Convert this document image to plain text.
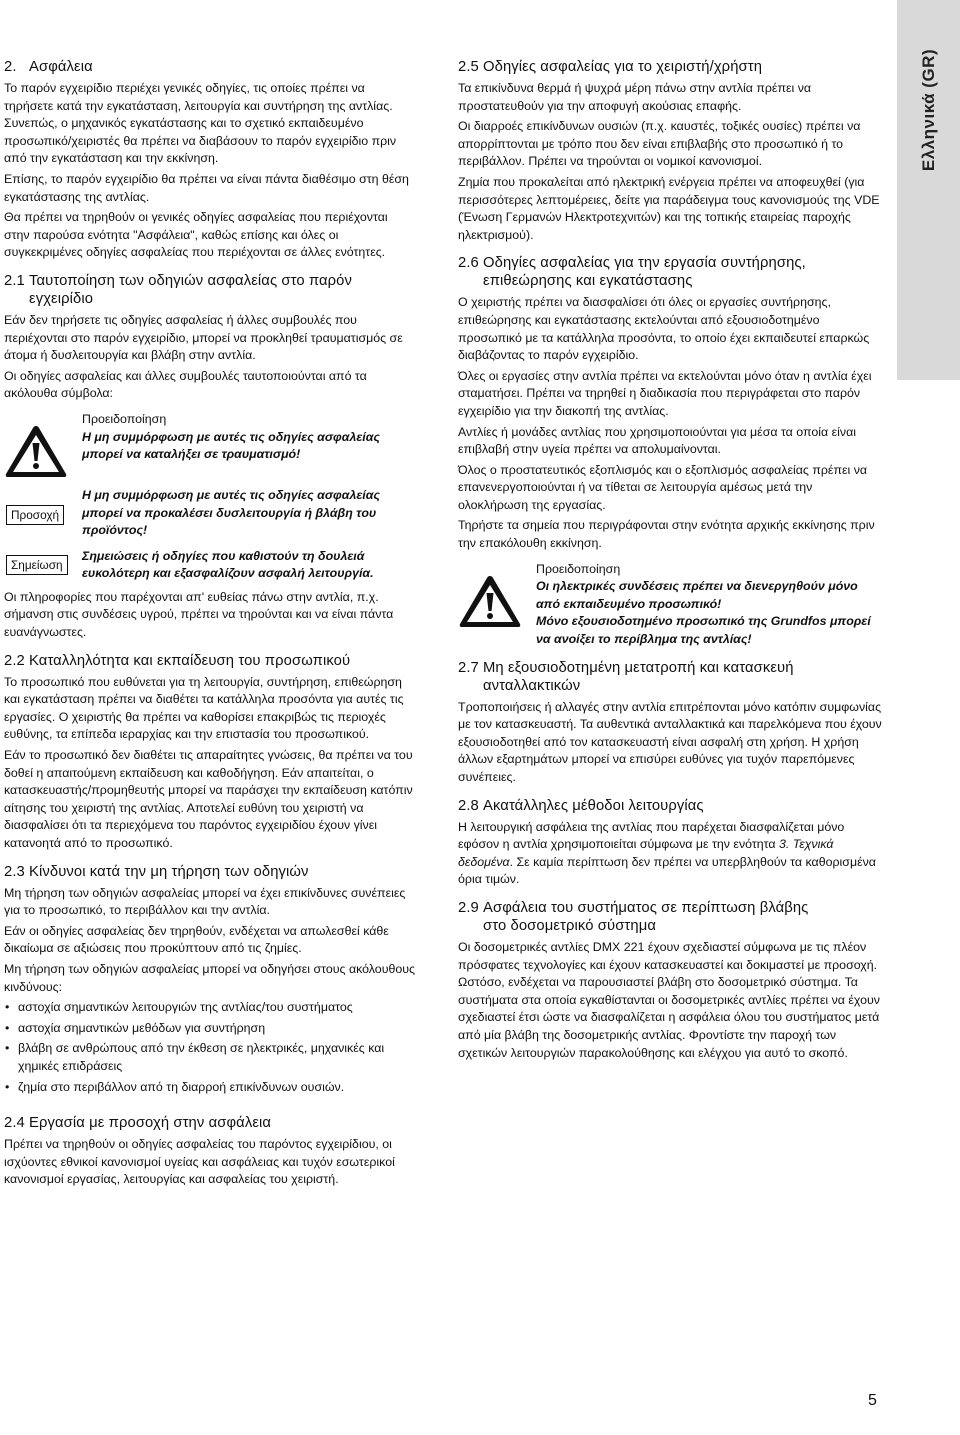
Ελληνικά (GR)
2. Ασφάλεια

Το παρόν εγχειρίδιο περιέχει γενικές οδηγίες, τις οποίες πρέπει να τηρήσετε κατά την εγκατάσταση, λειτουργία και συντήρηση της αντλίας. Συνεπώς, ο μηχανικός εγκατάστασης και το σχετικό εκπαιδευμένο προσωπικό/χειριστές θα πρέπει να διαβάσουν το παρόν εγχειρίδιο πριν από την εγκατάσταση και την εκκίνηση.

Επίσης, το παρόν εγχειρίδιο θα πρέπει να είναι πάντα διαθέσιμο στη θέση εγκατάστασης της αντλίας.

Θα πρέπει να τηρηθούν οι γενικές οδηγίες ασφαλείας που περιέχονται στην παρούσα ενότητα "Ασφάλεια", καθώς επίσης και όλες οι συγκεκριμένες οδηγίες ασφαλείας που περιέχονται σε άλλες ενότητες.

2.1 Ταυτοποίηση των οδηγιών ασφαλείας στο παρόν
εγχειρίδιο

Εάν δεν τηρήσετε τις οδηγίες ασφαλείας ή άλλες συμβουλές που περιέχονται στο παρόν εγχειρίδιο, μπορεί να προκληθεί τραυματισμός σε άτομα ή δυσλειτουργία και βλάβη στην αντλία.

Οι οδηγίες ασφαλείας και άλλες συμβουλές ταυτοποιούνται από τα ακόλουθα σύμβολα:

Προειδοποίηση
Η μη συμμόρφωση με αυτές τις οδηγίες ασφαλείας μπορεί να καταλήξει σε τραυματισμό!
Προσοχή
Η μη συμμόρφωση με αυτές τις οδηγίες ασφαλείας μπορεί να προκαλέσει δυσλειτουργία ή βλάβη του προϊόντος!
Σημείωση
Σημειώσεις ή οδηγίες που καθιστούν τη δουλειά ευκολότερη και εξασφαλίζουν ασφαλή λειτουργία.

Οι πληροφορίες που παρέχονται απ' ευθείας πάνω στην αντλία, π.χ. σήμανση στις συνδέσεις υγρού, πρέπει να τηρούνται και να είναι πάντα ευανάγνωστες.

2.2 Καταλληλότητα και εκπαίδευση του προσωπικού

Το προσωπικό που ευθύνεται για τη λειτουργία, συντήρηση, επιθεώρηση και εγκατάσταση πρέπει να διαθέτει τα κατάλληλα προσόντα για αυτές τις εργασίες. Ο χειριστής θα πρέπει να καθορίσει επακριβώς τις περιοχές ευθύνης, τα επίπεδα ιεραρχίας και την επιστασία του προσωπικού.

Εάν το προσωπικό δεν διαθέτει τις απαραίτητες γνώσεις, θα πρέπει να του δοθεί η απαιτούμενη εκπαίδευση και καθοδήγηση. Εάν απαιτείται, ο κατασκευαστής/προμηθευτής μπορεί να παράσχει την εκπαίδευση κατόπιν αίτησης του χειριστή της αντλίας. Αποτελεί ευθύνη του χειριστή να διασφαλίσει ότι τα περιεχόμενα του παρόντος εγχειριδίου έχουν γίνει κατανοητά από το προσωπικό.

2.3 Κίνδυνοι κατά την μη τήρηση των οδηγιών

Μη τήρηση των οδηγιών ασφαλείας μπορεί να έχει επικίνδυνες συνέπειες για το προσωπικό, το περιβάλλον και την αντλία.

Εάν οι οδηγίες ασφαλείας δεν τηρηθούν, ενδέχεται να απωλεσθεί κάθε δικαίωμα σε αξιώσεις που προκύπτουν από τις ζημίες.

Μη τήρηση των οδηγιών ασφαλείας μπορεί να οδηγήσει στους ακόλουθους κινδύνους:

• αστοχία σημαντικών λειτουργιών της αντλίας/του συστήματος
• αστοχία σημαντικών μεθόδων για συντήρηση
• βλάβη σε ανθρώπους από την έκθεση σε ηλεκτρικές, μηχανικές και χημικές επιδράσεις
• ζημία στο περιβάλλον από τη διαρροή επικίνδυνων ουσιών.
2.4 Εργασία με προσοχή στην ασφάλεια

Πρέπει να τηρηθούν οι οδηγίες ασφαλείας του παρόντος εγχειρίδιου, οι ισχύοντες εθνικοί κανονισμοί υγείας και ασφάλειας και τυχόν εσωτερικοί κανονισμοί εργασίας, λειτουργίας και ασφαλείας του χειριστή.

2.5 Οδηγίες ασφαλείας για το χειριστή/χρήστη

Τα επικίνδυνα θερμά ή ψυχρά μέρη πάνω στην αντλία πρέπει να προστατευθούν για την αποφυγή ακούσιας επαφής.

Οι διαρροές επικίνδυνων ουσιών (π.χ. καυστές, τοξικές ουσίες) πρέπει να απορρίπτονται με τρόπο που δεν είναι επιβλαβής στο προσωπικό ή το περιβάλλον. Πρέπει να τηρούνται οι νομικοί κανονισμοί.

Ζημία που προκαλείται από ηλεκτρική ενέργεια πρέπει να αποφευχθεί (για περισσότερες λεπτομέρειες, δείτε για παράδειγμα τους κανονισμούς της VDE (Ένωση Γερμανών Ηλεκτροτεχνιτών) και της τοπικής εταιρείας παροχής ηλεκτρισμού).

2.6 Οδηγίες ασφαλείας για την εργασία συντήρησης,
επιθεώρησης και εγκατάστασης

Ο χειριστής πρέπει να διασφαλίσει ότι όλες οι εργασίες συντήρησης, επιθεώρησης και εγκατάστασης εκτελούνται από εξουσιοδοτημένο προσωπικό με τα κατάλληλα προσόντα, το οποίο έχει εκπαιδευτεί επαρκώς διαβάζοντας το παρόν εγχειρίδιο.

Όλες οι εργασίες στην αντλία πρέπει να εκτελούνται μόνο όταν η αντλία έχει σταματήσει. Πρέπει να τηρηθεί η διαδικασία που περιγράφεται στο παρόν εγχειρίδιο για την διακοπή της αντλίας.

Αντλίες ή μονάδες αντλίας που χρησιμοποιούνται για μέσα τα οποία είναι επιβλαβή στην υγεία πρέπει να απολυμαίνονται.

Όλος ο προστατευτικός εξοπλισμός και ο εξοπλισμός ασφαλείας πρέπει να επανενεργοποιούνται ή να τίθεται σε λειτουργία αμέσως μετά την ολοκλήρωση της εργασίας.

Τηρήστε τα σημεία που περιγράφονται στην ενότητα αρχικής εκκίνησης πριν την επακόλουθη εκκίνηση.

Προειδοποίηση
Οι ηλεκτρικές συνδέσεις πρέπει να διενεργηθούν μόνο από εκπαιδευμένο προσωπικό!
Μόνο εξουσιοδοτημένο προσωπικό της Grundfos μπορεί να ανοίξει το περίβλημα της αντλίας!
2.7 Μη εξουσιοδοτημένη μετατροπή και κατασκευή
ανταλλακτικών

Τροποποιήσεις ή αλλαγές στην αντλία επιτρέπονται μόνο κατόπιν συμφωνίας με τον κατασκευαστή. Τα αυθεντικά ανταλλακτικά και παρελκόμενα που έχουν εξουσιοδοτηθεί από τον κατασκευαστή είναι ασφαλή στη χρήση. Η χρήση άλλων εξαρτημάτων μπορεί να επισύρει ευθύνες για τυχόν παρεπόμενες συνέπειες.

2.8 Ακατάλληλες μέθοδοι λειτουργίας

Η λειτουργική ασφάλεια της αντλίας που παρέχεται διασφαλίζεται μόνο εφόσον η αντλία χρησιμοποιείται σύμφωνα με την ενότητα 3. Τεχνικά δεδομένα. Σε καμία περίπτωση δεν πρέπει να υπερβληθούν τα καθορισμένα όρια τιμών.

2.9 Ασφάλεια του συστήματος σε περίπτωση βλάβης
στο δοσομετρικό σύστημα

Οι δοσομετρικές αντλίες DMX 221 έχουν σχεδιαστεί σύμφωνα με τις πλέον πρόσφατες τεχνολογίες και έχουν κατασκευαστεί και δοκιμαστεί με προσοχή. Ωστόσο, ενδέχεται να παρουσιαστεί βλάβη στο δοσομετρικό σύστημα. Τα συστήματα στα οποία εγκαθίστανται οι δοσομετρικές αντλίες πρέπει να έχουν σχεδιαστεί έτσι ώστε να διασφαλίζεται η ασφάλεια όλου του συστήματος μετά από μία βλάβη της δοσομετρικής αντλίας. Φροντίστε την παροχή των σχετικών λειτουργιών παρακολούθησης και ελέγχου για αυτό το σκοπό.

5
